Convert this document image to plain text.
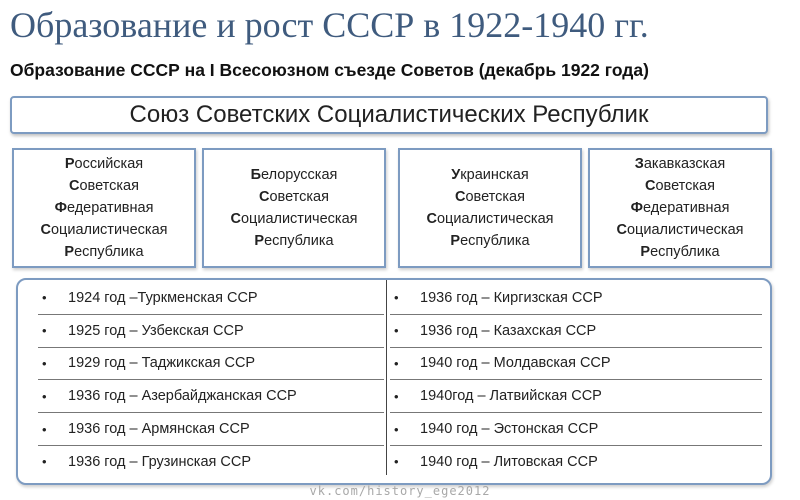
Образование и рост СССР в 1922-1940 гг.
Образование СССР на I Всесоюзном съезде Советов (декабрь 1922 года)
Союз Советских Социалистических Республик
Российская
Советская
Федеративная
Социалистическая
Республика
Белорусская
Советская
Социалистическая
Республика
Украинская
Советская
Социалистическая
Республика
Закавказская
Советская
Федеративная
Социалистическая
Республика
•	1924 год –Туркменская ССР
•	1925 год – Узбекская ССР
•	1929 год – Таджикская ССР
•	1936 год – Азербайджанская ССР
•	1936 год – Армянская ССР
•	1936 год – Грузинская ССР
•	1936 год – Киргизская ССР
•	1936 год – Казахская ССР
•	1940 год – Молдавская ССР
•	1940год – Латвийская ССР
•	1940 год – Эстонская ССР
•	1940 год – Литовская ССР
vk.com/history_ege2012
